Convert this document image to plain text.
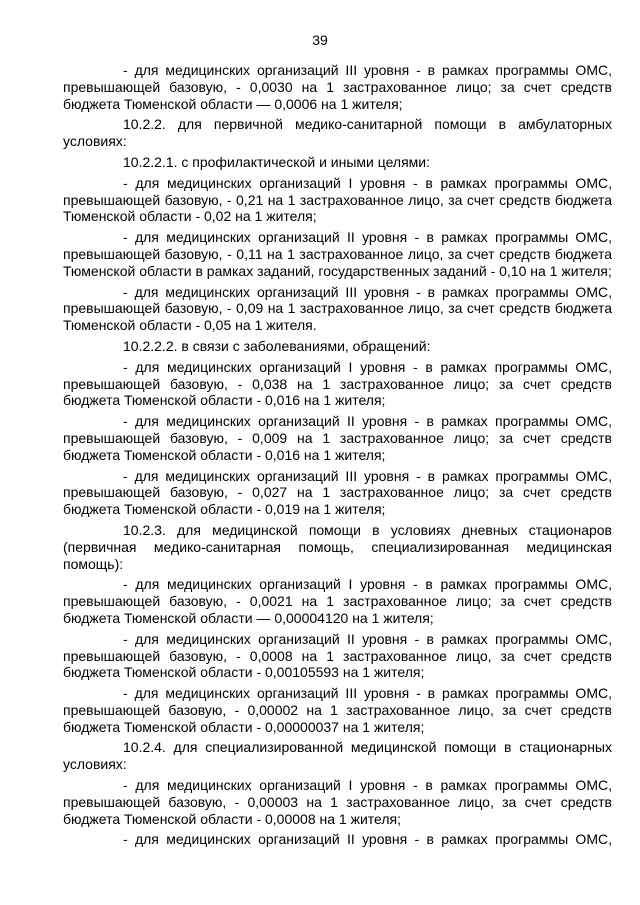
39

- для медицинских организаций III уровня - в рамках программы ОМС, превышающей базовую, - 0,0030 на 1 застрахованное лицо; за счет средств бюджета Тюменской области — 0,0006 на 1 жителя;

10.2.2. для первичной медико-санитарной помощи в амбулаторных условиях:

10.2.2.1. с профилактической и иными целями:

- для медицинских организаций I уровня - в рамках программы ОМС, превышающей базовую, - 0,21 на 1 застрахованное лицо, за счет средств бюджета Тюменской области - 0,02 на 1 жителя;

- для медицинских организаций II уровня - в рамках программы ОМС, превышающей базовую, - 0,11 на 1 застрахованное лицо, за счет средств бюджета Тюменской области в рамках заданий, государственных заданий - 0,10 на 1 жителя;

- для медицинских организаций III уровня - в рамках программы ОМС, превышающей базовую, - 0,09 на 1 застрахованное лицо, за счет средств бюджета Тюменской области - 0,05 на 1 жителя.

10.2.2.2. в связи с заболеваниями, обращений:

- для медицинских организаций I уровня - в рамках программы ОМС, превышающей базовую, - 0,038 на 1 застрахованное лицо; за счет средств бюджета Тюменской области - 0,016 на 1 жителя;

- для медицинских организаций II уровня - в рамках программы ОМС, превышающей базовую, - 0,009 на 1 застрахованное лицо; за счет средств бюджета Тюменской области - 0,016 на 1 жителя;

- для медицинских организаций III уровня - в рамках программы ОМС, превышающей базовую, - 0,027 на 1 застрахованное лицо; за счет средств бюджета Тюменской области - 0,019 на 1 жителя;

10.2.3. для медицинской помощи в условиях дневных стационаров (первичная медико-санитарная помощь, специализированная медицинская помощь):

- для медицинских организаций I уровня - в рамках программы ОМС, превышающей базовую, - 0,0021 на 1 застрахованное лицо; за счет средств бюджета Тюменской области — 0,00004120 на 1 жителя;

- для медицинских организаций II уровня - в рамках программы ОМС, превышающей базовую, - 0,0008 на 1 застрахованное лицо, за счет средств бюджета Тюменской области - 0,00105593 на 1 жителя;

- для медицинских организаций III уровня - в рамках программы ОМС, превышающей базовую, - 0,00002 на 1 застрахованное лицо, за счет средств бюджета Тюменской области - 0,00000037 на 1 жителя;

10.2.4. для специализированной медицинской помощи в стационарных условиях:

- для медицинских организаций I уровня - в рамках программы ОМС, превышающей базовую, - 0,00003 на 1 застрахованное лицо, за счет средств бюджета Тюменской области - 0,00008 на 1 жителя;

- для медицинских организаций II уровня - в рамках программы ОМС,
